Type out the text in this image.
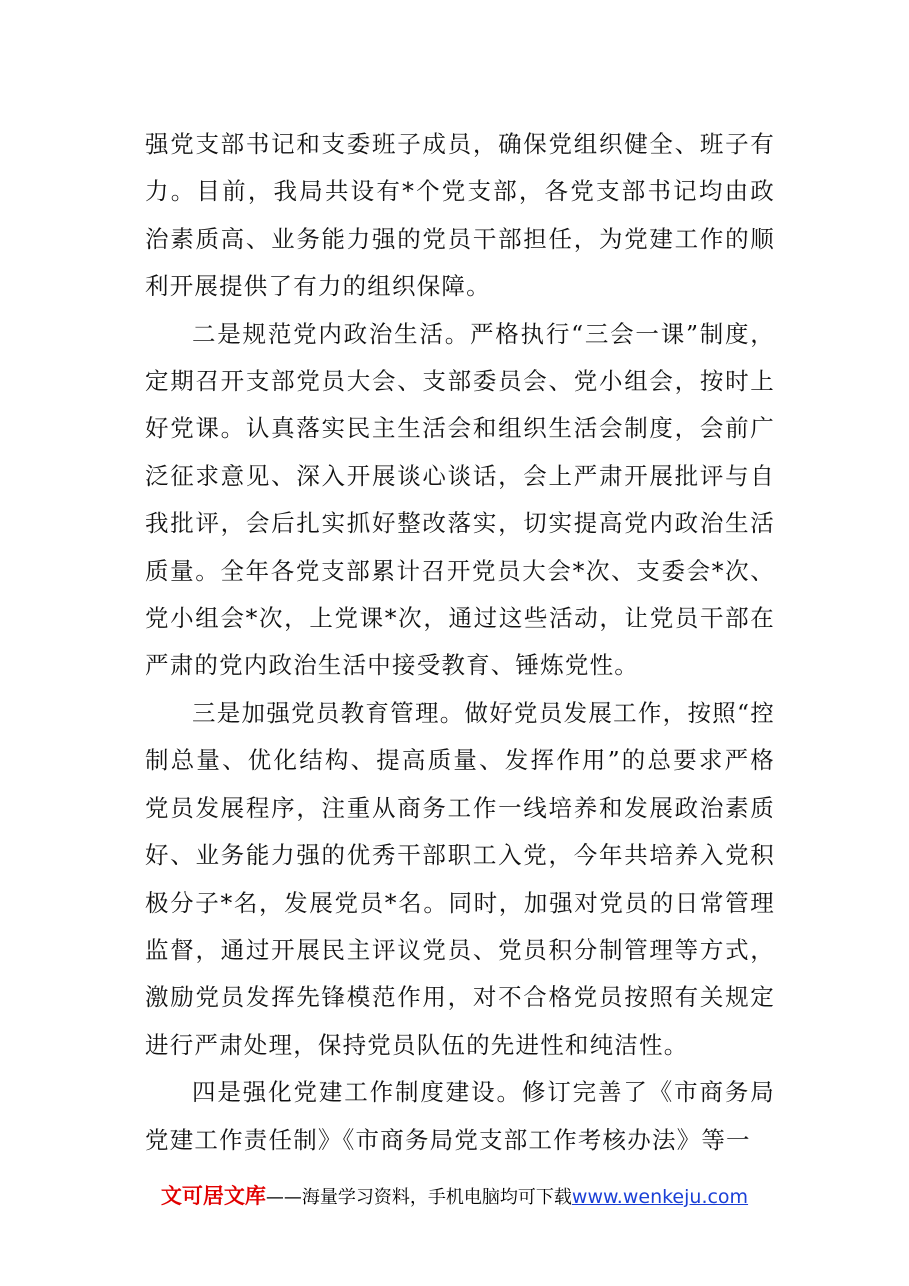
强党支部书记和支委班子成员，确保党组织健全、班子有力。目前，我局共设有*个党支部，各党支部书记均由政治素质高、业务能力强的党员干部担任，为党建工作的顺利开展提供了有力的组织保障。

二是规范党内政治生活。严格执行“三会一课”制度，定期召开支部党员大会、支部委员会、党小组会，按时上好党课。认真落实民主生活会和组织生活会制度，会前广泛征求意见、深入开展谈心谈话，会上严肃开展批评与自我批评，会后扎实抓好整改落实，切实提高党内政治生活质量。全年各党支部累计召开党员大会*次、支委会*次、党小组会*次，上党课*次，通过这些活动，让党员干部在严肃的党内政治生活中接受教育、锤炼党性。

三是加强党员教育管理。做好党员发展工作，按照“控制总量、优化结构、提高质量、发挥作用”的总要求严格党员发展程序，注重从商务工作一线培养和发展政治素质好、业务能力强的优秀干部职工入党，今年共培养入党积极分子*名，发展党员*名。同时，加强对党员的日常管理监督，通过开展民主评议党员、党员积分制管理等方式，激励党员发挥先锋模范作用，对不合格党员按照有关规定进行严肃处理，保持党员队伍的先进性和纯洁性。

四是强化党建工作制度建设。修订完善了《市商务局党建工作责任制》《市商务局党支部工作考核办法》等一

文可居文库——海量学习资料，手机电脑均可下载www.wenkeju.com
